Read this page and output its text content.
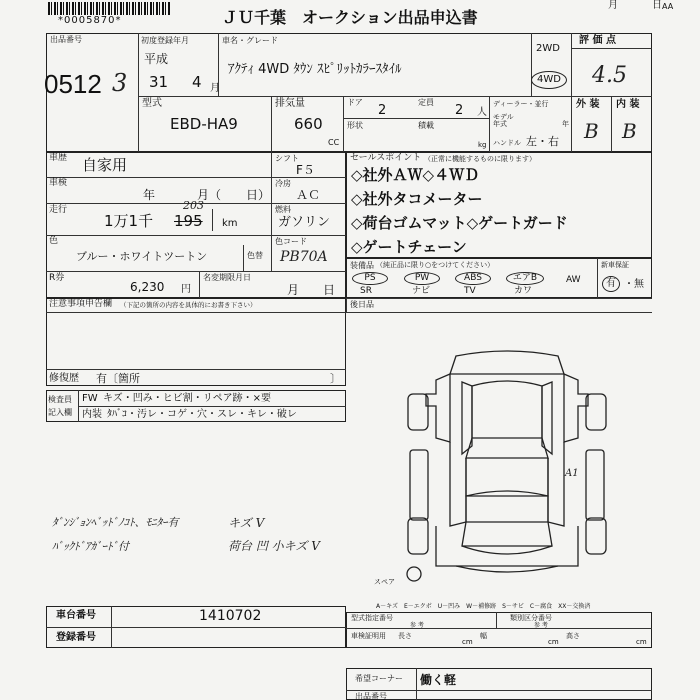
*0005870*	ＪＵ千葉　オークション出品申込書
月	日 AA
出品番号
0512 3
初度登録年月
平成
31 4 月
車名・グレード
ｱｸﾃｨ 4WD ﾀｳﾝ ｽﾋﾟﾘｯﾄｶﾗｰｽﾀｲﾙ
2WD
4WD
評 価 点
4.5
外 装 内 装
B B
型式
EBD-HA9
排気量
660
CC
ドア
2
定員
2 人
ディーラー・並行
モデル
年式	年
形状	積載
kg ハンドル 左・右
車歴 自家用	シフト
F５
車検
年	月（ 日）
冷房
ＡＣ
走行
1万1千 195
203
km
燃料
ガソリン
色
ブルー・ホワイトツートン	色替
色コード
PB70A
R券
6,230 円
名変期限月日
月 日
注意事項申告欄 （下記の箇所の内容を具体的にお書き下さい）
修復歴 有〔箇所	〕
検査員
記入欄
FW キズ・凹み・ヒビ割・リペア跡・×要
内装 ﾀﾊﾞｺ・汚レ・コゲ・穴・スレ・キレ・破レ
ﾀﾞﾝｼﾞｮﾝﾍﾞｯﾄﾞﾉｺﾄ、ﾓﾆﾀｰ有
ﾊﾞｯｸﾄﾞｱｶﾞｰﾄﾞ付
キズ V
荷台 凹 小キズ V
セールスポイント （正常に機能するものに限ります）
◇社外ＡＷ◇４ＷＤ
◇社外タコメーター
◇荷台ゴムマット◇ゲートガード
◇ゲートチェーン
装備品 （純正品に限り○をつけてください）	新車保証
有 ・無
PS
SR
PW
ナビ
ABS
TV
エアB
カワ
AW
後日品
A1
スペア
A－キズ　E－エクボ　U－凹み　W－補修跡　S－サビ　C－腐食　XX－交換済
車台番号	1410702
登録番号
型式指定番号
参 考
類別区分番号
参 考
車検証明用 長さ
cm
幅
cm
高さ
cm
希望コーナー 働く軽
出品番号
